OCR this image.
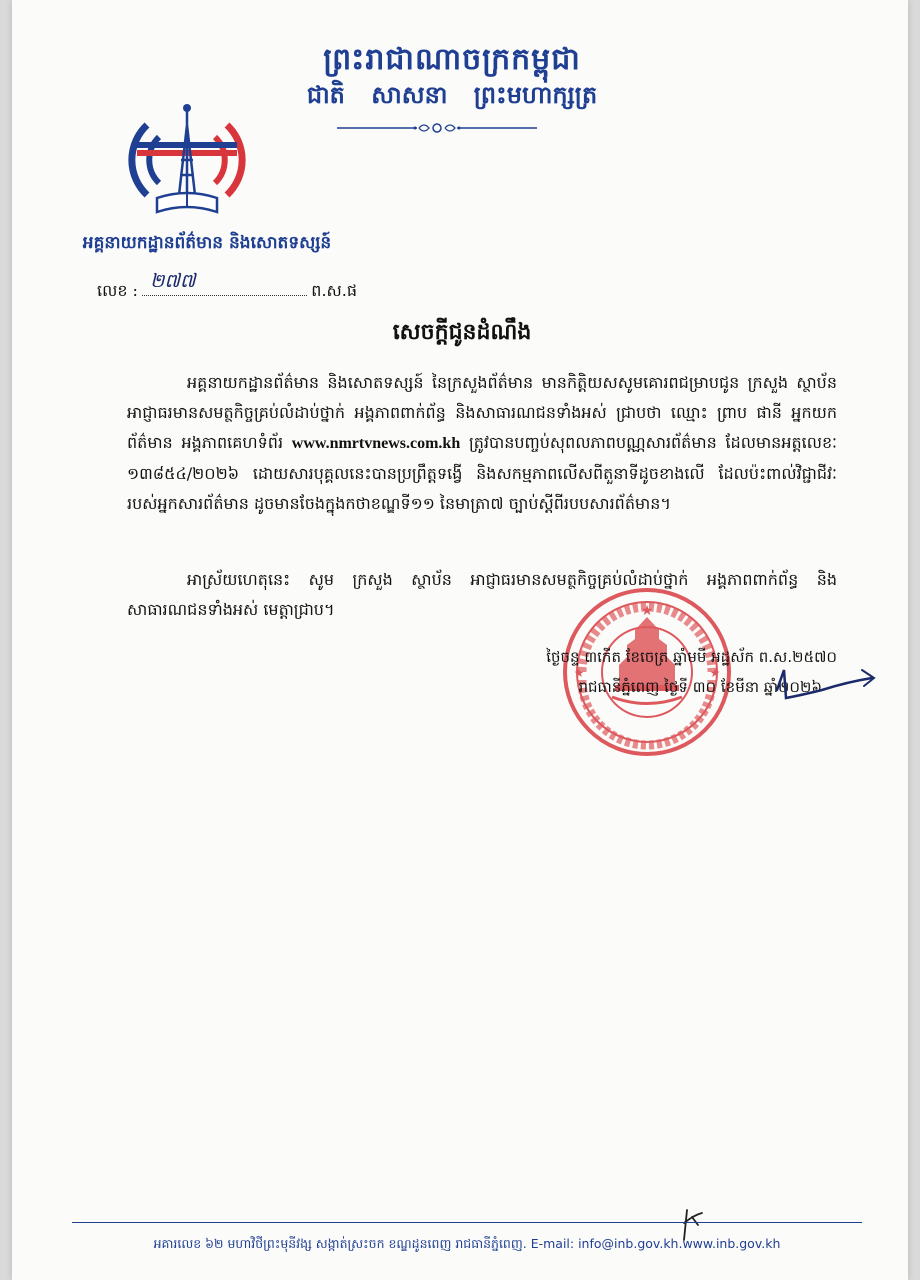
ព្រះរាជាណាចក្រកម្ពុជា
ជាតិ សាសនា ព្រះមហាក្សត្រ
អគ្គនាយកដ្ឋានព័ត៌មាន និងសោតទស្សន៍
លេខ : ២៧៧	ព.ស.ផ
សេចក្តីជូនដំណឹង
អគ្គនាយកដ្ឋានព័ត៌មាន និងសោតទស្សន៍ នៃក្រសួងព័ត៌មាន មានកិត្តិយសសូមគោរពជម្រាបជូន ក្រសួង ស្ថាប័ន អាជ្ញាធរមានសមត្ថកិច្ចគ្រប់លំដាប់ថ្នាក់ អង្គភាពពាក់ព័ន្ធ និងសាធារណជនទាំងអស់ ជ្រាបថា ឈ្មោះ ព្រាប ផានី អ្នកយកព័ត៌មាន អង្គភាពគេហទំព័រ www.nmrtvnews.com.kh ត្រូវបានបញ្ចប់សុពលភាពបណ្ណសារព័ត៌មាន ដែលមានអត្តលេខៈ ១៣៨៥៤/២០២៦ ដោយសារបុគ្គលនេះបានប្រព្រឹត្តទង្វើ និងសកម្មភាពលើសពីតួនាទីដូចខាងលើ ដែលប៉ះពាល់វិជ្ជាជីវៈរបស់អ្នកសារព័ត៌មាន ដូចមានចែងក្នុងកថាខណ្ឌទី១១ នៃមាត្រា៧ ច្បាប់ស្តីពីរបបសារព័ត៌មាន។
អាស្រ័យហេតុនេះ សូម ក្រសួង ស្ថាប័ន អាជ្ញាធរមានសមត្ថកិច្ចគ្រប់លំដាប់ថ្នាក់ អង្គភាពពាក់ព័ន្ធ និងសាធារណជនទាំងអស់ មេត្តាជ្រាប។	★
★	★
ថ្ងៃចន្ទ ៣កើត ខែចេត្រ ឆ្នាំមមី អដ្ឋស័ក ព.ស.២៥៧០
រាជធានីភ្នំពេញ ថ្ងៃទី ៣០ ខែមីនា ឆ្នាំ២០២៦
អគារលេខ ៦២ មហាវិថីព្រះមុនីវង្ស សង្កាត់ស្រះចក ខណ្ឌដូនពេញ រាជធានីភ្នំពេញ. E-mail: info@inb.gov.kh.www.inb.gov.kh
